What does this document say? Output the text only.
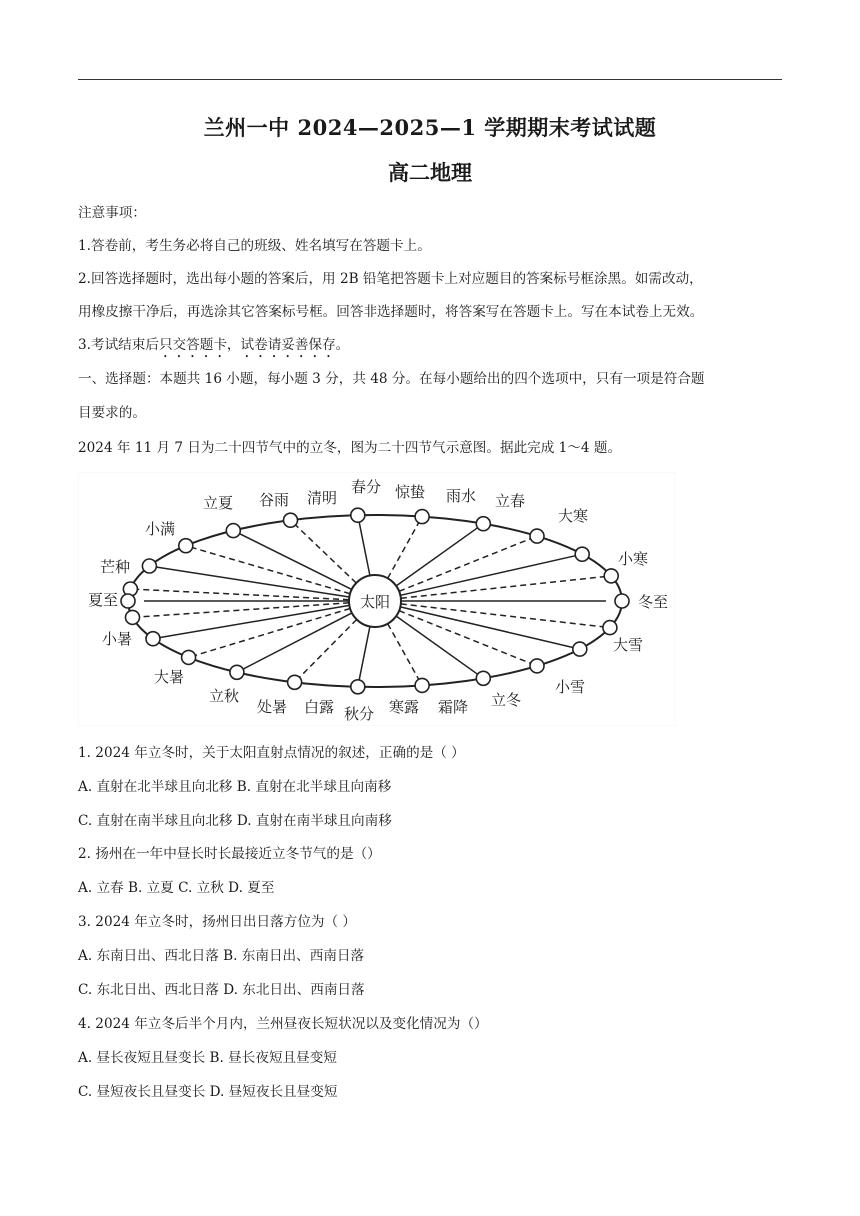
兰州一中 2024—2025—1 学期期末考试试题
高二地理
注意事项：
1.答卷前，考生务必将自己的班级、姓名填写在答题卡上。
2.回答选择题时，选出每小题的答案后，用 2B 铅笔把答题卡上对应题目的答案标号框涂黑。如需改动，
用橡皮擦干净后，再选涂其它答案标号框。回答非选择题时，将答案写在答题卡上。写在本试卷上无效。
3.考试结束后只交答题卡，试卷请妥善保存。
一、选择题：本题共 16 小题，每小题 3 分，共 48 分。在每小题给出的四个选项中，只有一项是符合题
目要求的。
2024 年 11 月 7 日为二十四节气中的立冬，图为二十四节气示意图。据此完成 1～4 题。
太阳
夏至
芒种
小满
立夏 谷雨 清明
春分 惊蛰 雨水 立春
大寒
小寒
冬至
大雪
小雪
立冬
霜降
寒露
秋分
白露
处暑
立秋
大暑
小暑
1. 2024 年立冬时，关于太阳直射点情况的叙述，正确的是（ ）
A. 直射在北半球且向北移 B. 直射在北半球且向南移
C. 直射在南半球且向北移 D. 直射在南半球且向南移
2. 扬州在一年中昼长时长最接近立冬节气的是（）
A. 立春 B. 立夏 C. 立秋 D. 夏至
3. 2024 年立冬时，扬州日出日落方位为（ ）
A. 东南日出、西北日落 B. 东南日出、西南日落
C. 东北日出、西北日落 D. 东北日出、西南日落
4. 2024 年立冬后半个月内，兰州昼夜长短状况以及变化情况为（）
A. 昼长夜短且昼变长 B. 昼长夜短且昼变短
C. 昼短夜长且昼变长 D. 昼短夜长且昼变短
